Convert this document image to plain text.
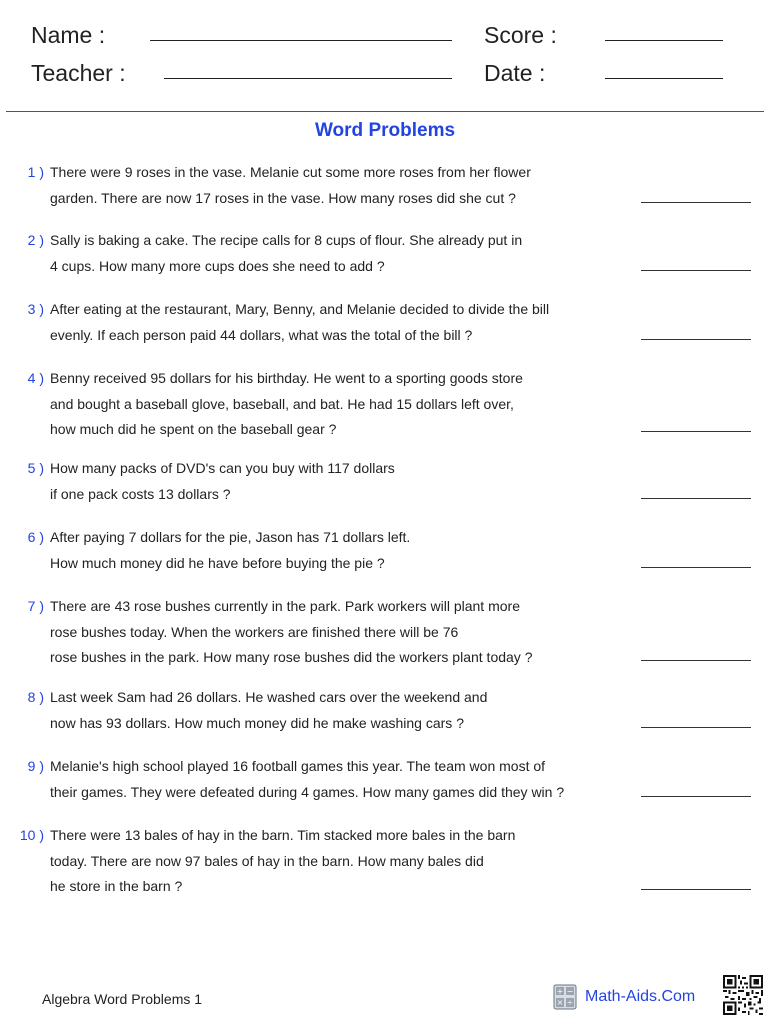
Name :
Teacher :
Score :
Date :
Word Problems
1 ) There were 9 roses in the vase. Melanie cut some more roses from her flower
garden. There are now 17 roses in the vase. How many roses did she cut ?
2 ) Sally is baking a cake. The recipe calls for 8 cups of flour. She already put in
4 cups. How many more cups does she need to add ?
3 ) After eating at the restaurant, Mary, Benny, and Melanie decided to divide the bill
evenly. If each person paid 44 dollars, what was the total of the bill ?
4 ) Benny received 95 dollars for his birthday. He went to a sporting goods store
and bought a baseball glove, baseball, and bat. He had 15 dollars left over,
how much did he spent on the baseball gear ?
5 ) How many packs of DVD's can you buy with 117 dollars
if one pack costs 13 dollars ?
6 ) After paying 7 dollars for the pie, Jason has 71 dollars left.
How much money did he have before buying the pie ?
7 ) There are 43 rose bushes currently in the park. Park workers will plant more
rose bushes today. When the workers are finished there will be 76
rose bushes in the park. How many rose bushes did the workers plant today ?
8 ) Last week Sam had 26 dollars. He washed cars over the weekend and
now has 93 dollars. How much money did he make washing cars ?
9 ) Melanie's high school played 16 football games this year. The team won most of
their games. They were defeated during 4 games. How many games did they win ?
10 ) There were 13 bales of hay in the barn. Tim stacked more bales in the barn
today. There are now 97 bales of hay in the barn. How many bales did
he store in the barn ?
Algebra Word Problems 1	+ −
× ÷ Math-Aids.Com
